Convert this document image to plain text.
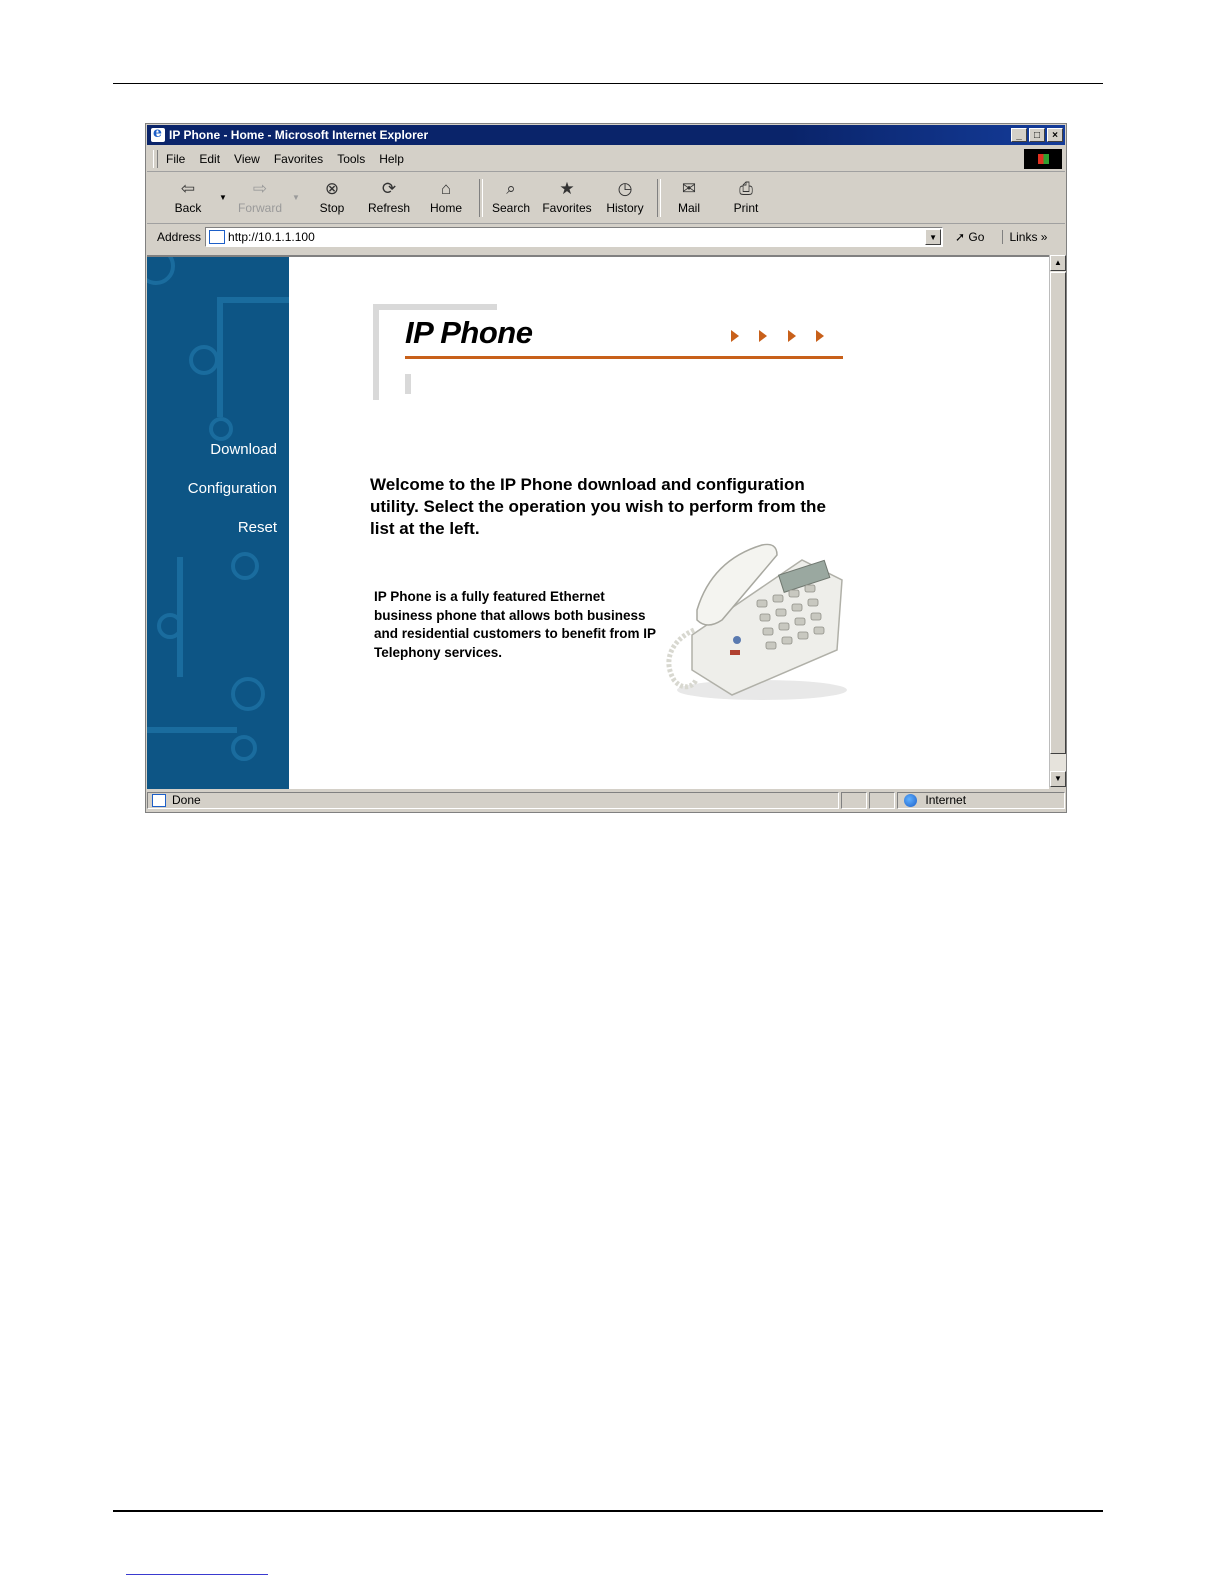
e
IP Phone - Home - Microsoft Internet Explorer	_	□	×
File Edit View Favorites Tools Help
⇦
Back
▼ ⇨
Forward
▼ ⊗
Stop
⟳
Refresh
⌂
Home
⌕
Search
★
Favorites
◷
History
✉
Mail
⎙
Print
Address http://10.1.1.100	▼	➚ Go	Links »
Download
Configuration
Reset
IP Phone
Welcome to the IP Phone download and configuration utility. Select the operation you wish to perform from the list at the left.
IP Phone is a fully featured Ethernet business phone that allows both business and residential customers to benefit from IP Telephony services.
▲
▼
Done	Internet
